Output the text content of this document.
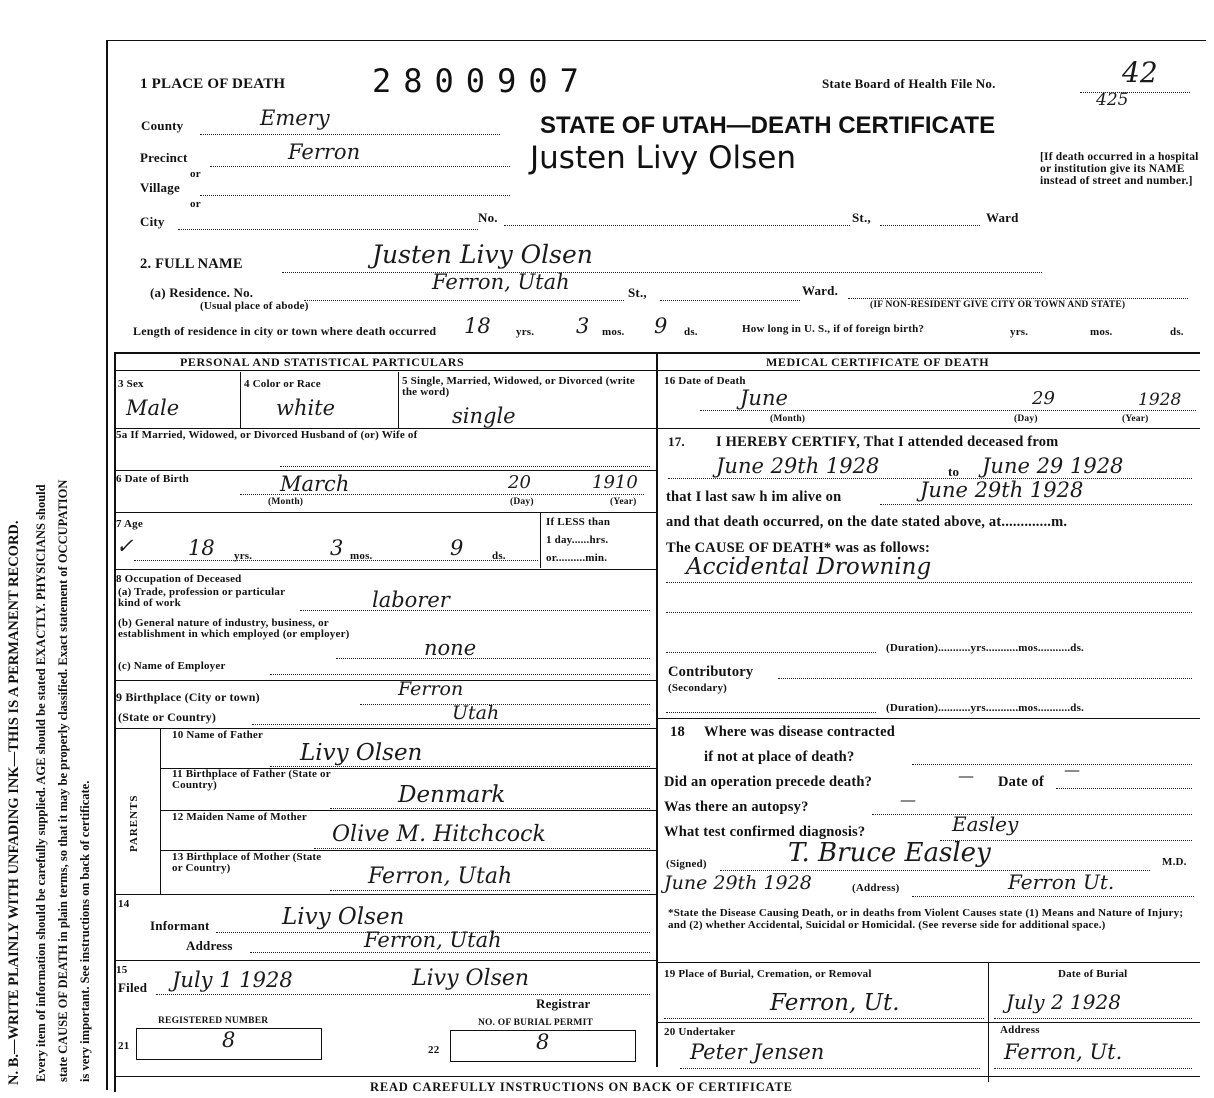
N. B.—WRITE PLAINLY WITH UNFADING INK—THIS IS A PERMANENT RECORD. Every item of information should be carefully supplied. AGE should be stated EXACTLY. PHYSICIANS should state CAUSE OF DEATH in plain terms, so that it may be properly classified. Exact statement of OCCUPATION is very important. See instructions on back of certificate.
1 PLACE OF DEATH	2800907	State Board of Health File No.	42
425
STATE OF UTAH—DEATH CERTIFICATE
Justen Livy Olsen	[If death occurred in a hospital or institution give its NAME instead of street and number.]
County	Emery
Precinct	Ferron
or
Village
or
City	No.	St.,	Ward
2. FULL NAME	Justen Livy Olsen
(a) Residence. No.	Ferron, Utah	St.,	Ward.
(Usual place of abode)	(IF NON-RESIDENT GIVE CITY OR TOWN AND STATE)
Length of residence in city or town where death occurred 18 yrs. 3 mos. 9 ds.	How long in U. S., if of foreign birth?	yrs.	mos.	ds.
PERSONAL AND STATISTICAL PARTICULARS	MEDICAL CERTIFICATE OF DEATH
3 Sex
Male
4 Color or Race
white
5 Single, Married, Widowed, or Divorced (write the word)
single
5a If Married, Widowed, or Divorced Husband of (or) Wife of
6 Date of Birth	March	20	1910
(Month)	(Day)	(Year)
7 Age
✓	18 yrs.	3 mos.	9	ds.
If LESS than
1 day......hrs.
or..........min.
8 Occupation of Deceased
(a) Trade, profession or particular kind of work	laborer
(b) General nature of industry, business, or establishment in which employed (or employer)
none
(c) Name of Employer
9 Birthplace (City or town)	Ferron
(State or Country)	Utah
PARENTS
10 Name of Father
Livy Olsen
11 Birthplace of Father (State or Country)	Denmark
12 Maiden Name of Mother
Olive M. Hitchcock
13 Birthplace of Mother (State or Country)	Ferron, Utah
14
Informant	Livy Olsen
Address	Ferron, Utah
15
Filed July 1 1928	Livy Olsen
Registrar
REGISTERED NUMBER
21	8
NO. OF BURIAL PERMIT
22	8
16 Date of Death
June	29	1928
(Month)	(Day)	(Year)
17. I HEREBY CERTIFY, That I attended deceased from
June 29th 1928	to June 29 1928
that I last saw h im alive on	June 29th 1928
and that death occurred, on the date stated above, at.............m.
The CAUSE OF DEATH* was as follows:
Accidental Drowning
(Duration)...........yrs...........mos...........ds.
Contributory
(Secondary)
(Duration)...........yrs...........mos...........ds.
18 Where was disease contracted
if not at place of death?
Did an operation precede death?	— Date of
—
Was there an autopsy?	—
What test confirmed diagnosis?	Easley
(Signed)	T. Bruce Easley	M.D.
June 29th 1928	(Address)	Ferron Ut.
*State the Disease Causing Death, or in deaths from Violent Causes state (1) Means and Nature of Injury; and (2) whether Accidental, Suicidal or Homicidal. (See reverse side for additional space.)
19 Place of Burial, Cremation, or Removal
Ferron, Ut.
Date of Burial
July 2 1928
20 Undertaker
Peter Jensen
Address
Ferron, Ut.
READ CAREFULLY INSTRUCTIONS ON BACK OF CERTIFICATE
